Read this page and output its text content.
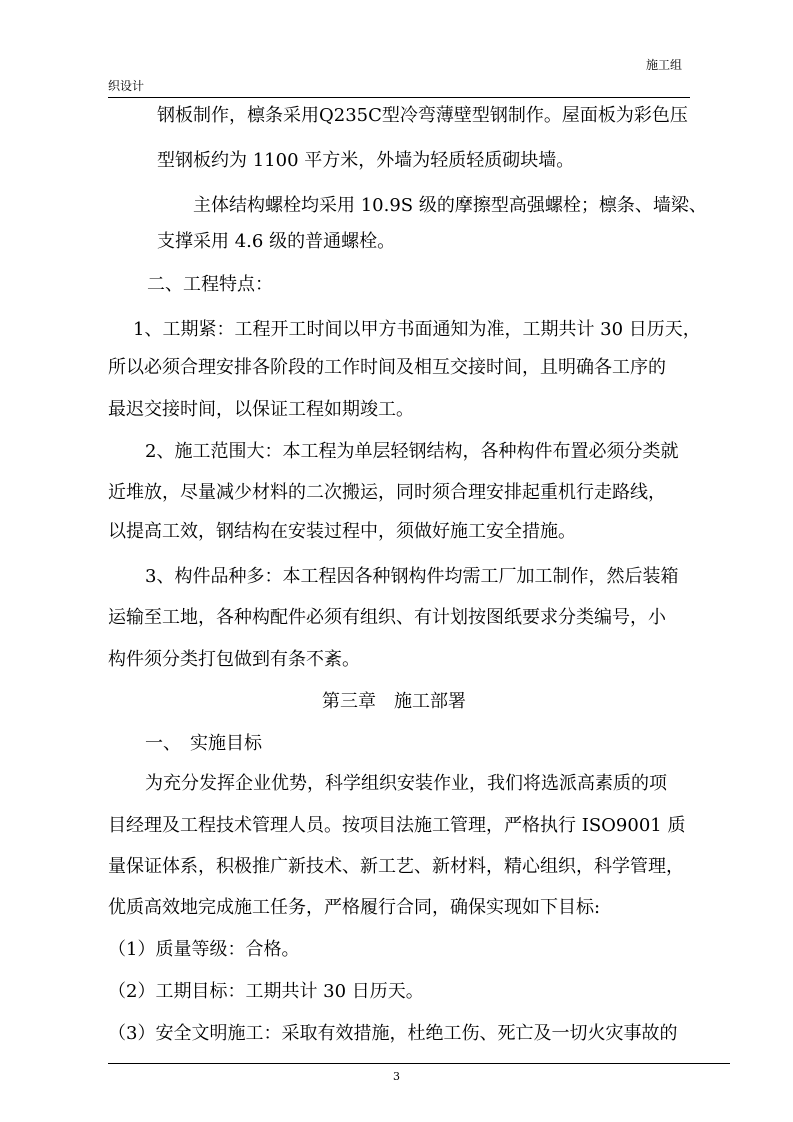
施工组
织设计
钢板制作，檩条采用Q235C型冷弯薄壁型钢制作。屋面板为彩色压
型钢板约为 1100 平方米，外墙为轻质轻质砌块墙。
主体结构螺栓均采用 10.9S 级的摩擦型高强螺栓；檩条、墙梁、
支撑采用 4.6 级的普通螺栓。
二、工程特点：
1、工期紧：工程开工时间以甲方书面通知为准，工期共计 30 日历天，
所以必须合理安排各阶段的工作时间及相互交接时间，且明确各工序的
最迟交接时间，以保证工程如期竣工。
2、施工范围大：本工程为单层轻钢结构，各种构件布置必须分类就
近堆放，尽量减少材料的二次搬运，同时须合理安排起重机行走路线，
以提高工效，钢结构在安装过程中，须做好施工安全措施。
3、构件品种多：本工程因各种钢构件均需工厂加工制作，然后装箱
运输至工地，各种构配件必须有组织、有计划按图纸要求分类编号，小
构件须分类打包做到有条不紊。
第三章　施工部署
一、　实施目标
为充分发挥企业优势，科学组织安装作业，我们将选派高素质的项
目经理及工程技术管理人员。按项目法施工管理，严格执行 ISO9001 质
量保证体系，积极推广新技术、新工艺、新材料，精心组织，科学管理，
优质高效地完成施工任务，严格履行合同，确保实现如下目标:
（1）质量等级：合格。
（2）工期目标：工期共计 30 日历天。
（3）安全文明施工：采取有效措施，杜绝工伤、死亡及一切火灾事故的
3
